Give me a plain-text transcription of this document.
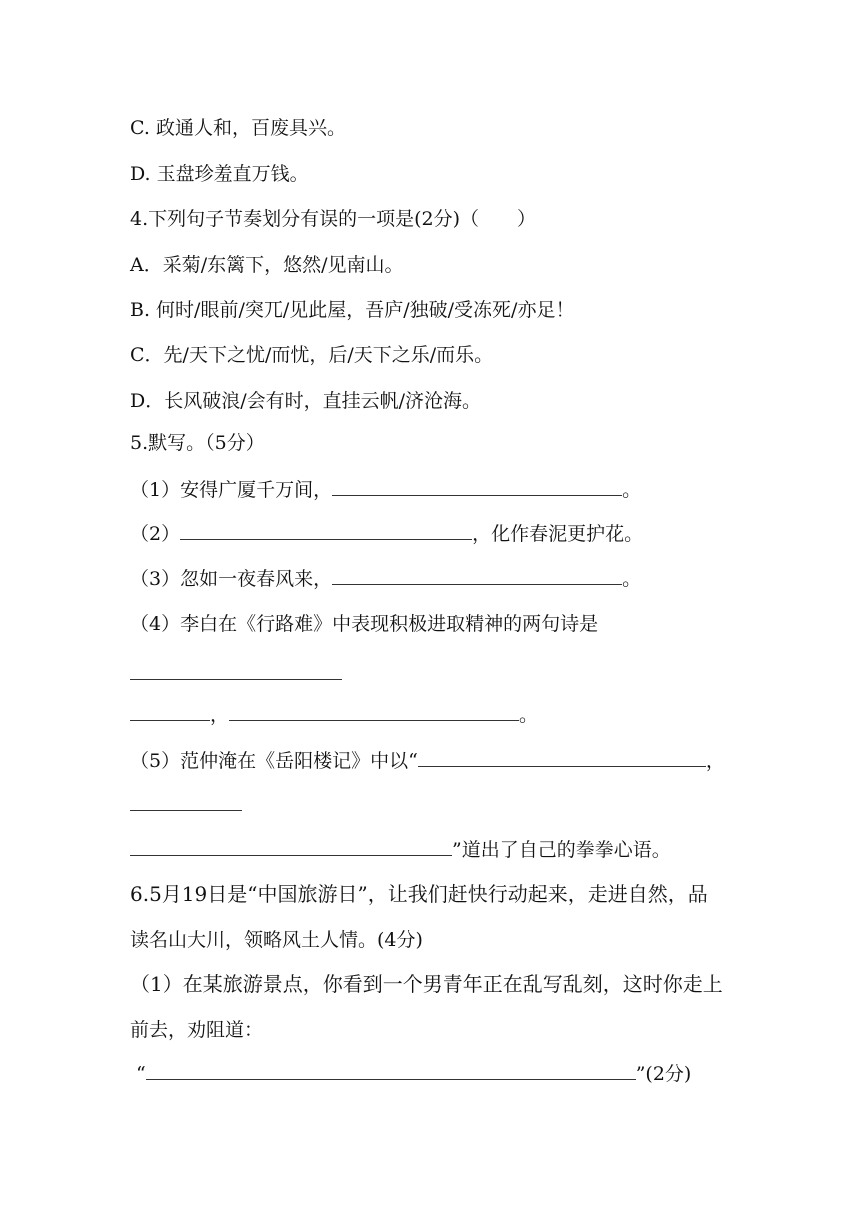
C. 政通人和，百废具兴。
D. 玉盘珍羞直万钱。
4.下列句子节奏划分有误的一项是(2分)（　　）
A．采菊/东篱下，悠然/见南山。
B. 何时/眼前/突兀/见此屋，吾庐/独破/受冻死/亦足！
C．先/天下之忧/而忧，后/天下之乐/而乐。
D．长风破浪/会有时，直挂云帆/济沧海。
5.默写。（5分）
（1）安得广厦千万间，	。
（2）	，化作春泥更护花。
（3）忽如一夜春风来，	。
（4）李白在《行路难》中表现积极进取精神的两句诗是
，	。
（5）范仲淹在《岳阳楼记》中以“	，
”道出了自己的拳拳心语。
6.5月19日是“中国旅游日”，让我们赶快行动起来，走进自然，品
读名山大川，领略风土人情。(4分)
（1）在某旅游景点，你看到一个男青年正在乱写乱刻，这时你走上
前去，劝阻道：
“	”(2分)
